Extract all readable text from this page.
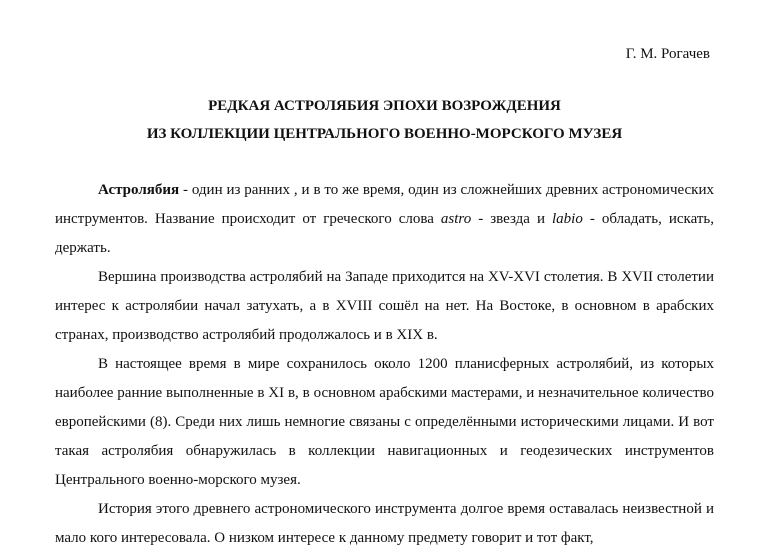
Г. М. Рогачев
РЕДКАЯ АСТРОЛЯБИЯ ЭПОХИ ВОЗРОЖДЕНИЯ
ИЗ КОЛЛЕКЦИИ ЦЕНТРАЛЬНОГО ВОЕННО-МОРСКОГО МУЗЕЯ

Астролябия - один из ранних , и в то же время, один из сложнейших древних астрономических инструментов. Название происходит от греческого слова astro - звезда и labio - обладать, искать, держать.

Вершина производства астролябий на Западе приходится на XV-XVI столетия. В XVII столетии интерес к астролябии начал затухать, а в XVIII сошёл на нет. На Востоке, в основном в арабских странах, производство астролябий продолжалось и в XIX в.

В настоящее время в мире сохранилось около 1200 планисферных астролябий, из которых наиболее ранние выполненные в XI в, в основном арабскими мастерами, и незначительное количество европейскими (8). Среди них лишь немногие связаны с определёнными историческими лицами. И вот такая астролябия обнаружилась в коллекции навигационных и геодезических инструментов Центрального военно-морского музея.

История этого древнего астрономического инструмента долгое время оставалась неизвестной и мало кого интересовала. О низком интересе к данному предмету говорит и тот факт,
